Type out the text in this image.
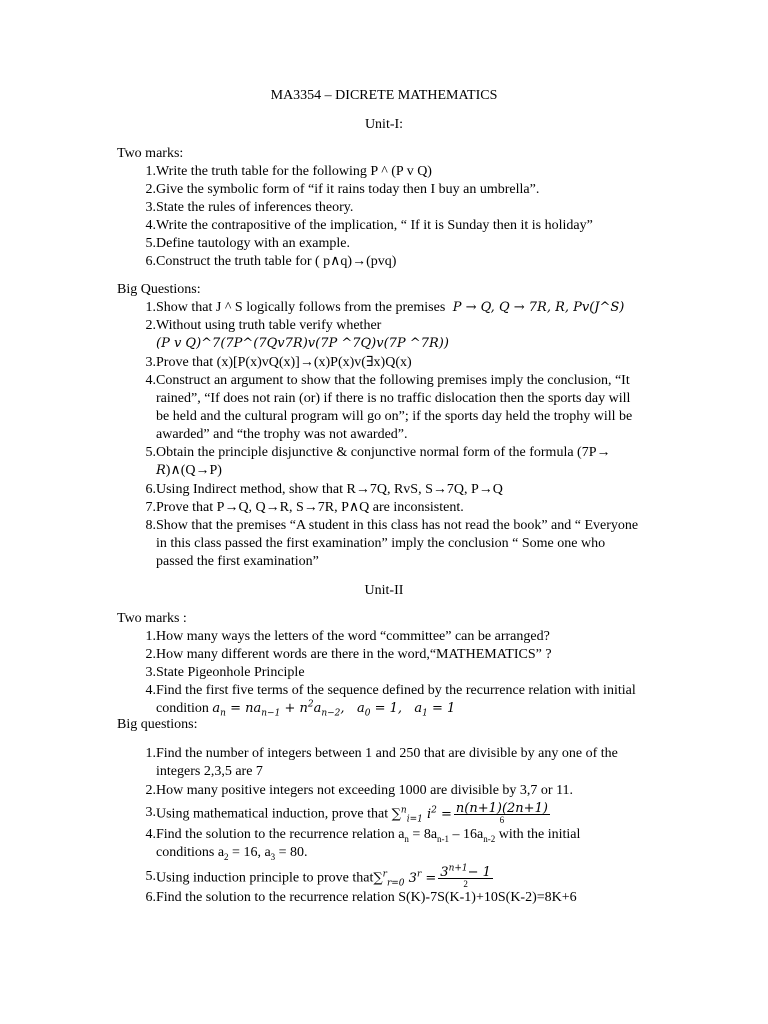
MA3354 – DICRETE MATHEMATICS
Unit-I:
Two marks:
1. Write the truth table for the following P ^ (P v Q)
2. Give the symbolic form of “if it rains today then I buy an umbrella”.
3. State the rules of inferences theory.
4. Write the contrapositive of the implication, “ If it is Sunday then it is holiday”
5. Define tautology with an example.
6. Construct the truth table for ( p∧q)→(pvq)
Big Questions:
1. Show that J ^ S logically follows from the premises P → Q, Q → 7R, R, Pv(J^S)
2. Without using truth table verify whether
(P v Q)^7(7P^(7Qv7R)v(7P ^7Q)v(7P ^7R))
3. Prove that (x)[P(x)vQ(x)]→(x)P(x)v(∃x)Q(x)
4. Construct an argument to show that the following premises imply the conclusion, “It
rained”, “If does not rain (or) if there is no traffic dislocation then the sports day will
be held and the cultural program will go on”; if the sports day held the trophy will be
awarded” and “the trophy was not awarded”.
5. Obtain the principle disjunctive & conjunctive normal form of the formula (7P→
R)∧(Q→P)
6. Using Indirect method, show that R→7Q, RvS, S→7Q, P→Q
7. Prove that P→Q, Q→R, S→7R, P∧Q are inconsistent.
8. Show that the premises “A student in this class has not read the book” and “ Everyone
in this class passed the first examination” imply the conclusion “ Some one who
passed the first examination”
Unit-II
Two marks :
1. How many ways the letters of the word “committee” can be arranged?
2. How many different words are there in the word,“MATHEMATICS” ?
3. State Pigeonhole Principle
4. Find the first five terms of the sequence defined by the recurrence relation with initial
condition $a_n = na_{n-1} + n^2a_{n-2}$,   $a_0 = 1$,   $a_1 = 1$
Big questions:
1. Find the number of integers between 1 and 250 that are divisible by any one of the
integers 2,3,5 are 7
2. How many positive integers not exceeding 1000 are divisible by 3,7 or 11.
3. Using mathematical induction, prove that ∑$^n_{i=1}$ $i^2 = \frac{n(n+1)(2n+1)}{6}$
4. Find the solution to the recurrence relation $a_n = 8a_{n-1} - 16a_{n-2}$ with the initial
conditions $a_2 = 16$, $a_3 = 80$.
5. Using induction principle to prove that∑$^r_{r=0}$ $3^r = \frac{3^{n+1}- 1}{2}$
6. Find the solution to the recurrence relation S(K)-7S(K-1)+10S(K-2)=8K+6
